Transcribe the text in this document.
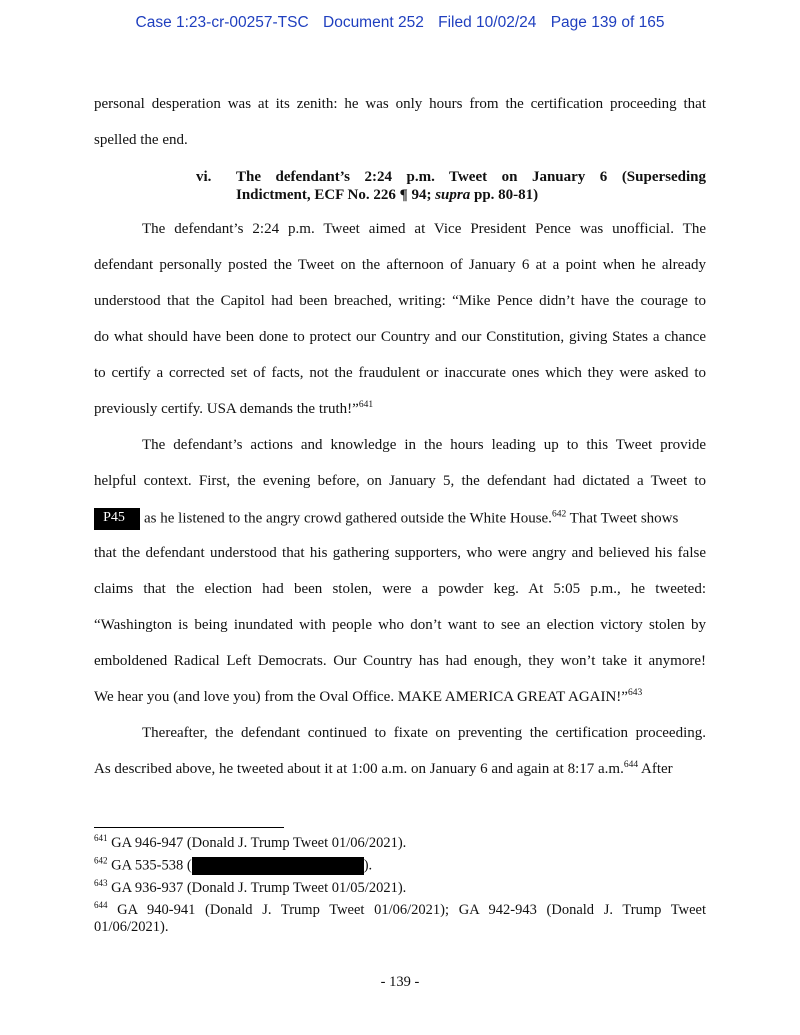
Case 1:23-cr-00257-TSC Document 252 Filed 10/02/24 Page 139 of 165
personal desperation was at its zenith: he was only hours from the certification proceeding that
spelled the end.
vi. The defendant’s 2:24 p.m. Tweet on January 6 (Superseding
Indictment, ECF No. 226 ¶ 94; supra pp. 80-81)
The defendant’s 2:24 p.m. Tweet aimed at Vice President Pence was unofficial. The
defendant personally posted the Tweet on the afternoon of January 6 at a point when he already
understood that the Capitol had been breached, writing: “Mike Pence didn’t have the courage to
do what should have been done to protect our Country and our Constitution, giving States a chance
to certify a corrected set of facts, not the fraudulent or inaccurate ones which they were asked to
previously certify. USA demands the truth!”$^{641}$
The defendant’s actions and knowledge in the hours leading up to this Tweet provide
helpful context. First, the evening before, on January 5, the defendant had dictated a Tweet to
P45 as he listened to the angry crowd gathered outside the White House.$^{642}$ That Tweet shows
that the defendant understood that his gathering supporters, who were angry and believed his false
claims that the election had been stolen, were a powder keg. At 5:05 p.m., he tweeted:
“Washington is being inundated with people who don’t want to see an election victory stolen by
emboldened Radical Left Democrats. Our Country has had enough, they won’t take it anymore!
We hear you (and love you) from the Oval Office. MAKE AMERICA GREAT AGAIN!”$^{643}$
Thereafter, the defendant continued to fixate on preventing the certification proceeding.
As described above, he tweeted about it at 1:00 a.m. on January 6 and again at 8:17 a.m.$^{644}$ After
$^{641}$ GA 946-947 (Donald J. Trump Tweet 01/06/2021).
$^{642}$ GA 535-538 (	).
$^{643}$ GA 936-937 (Donald J. Trump Tweet 01/05/2021).
$^{644}$ GA 940-941 (Donald J. Trump Tweet 01/06/2021); GA 942-943 (Donald J. Trump Tweet
01/06/2021).
- 139 -
